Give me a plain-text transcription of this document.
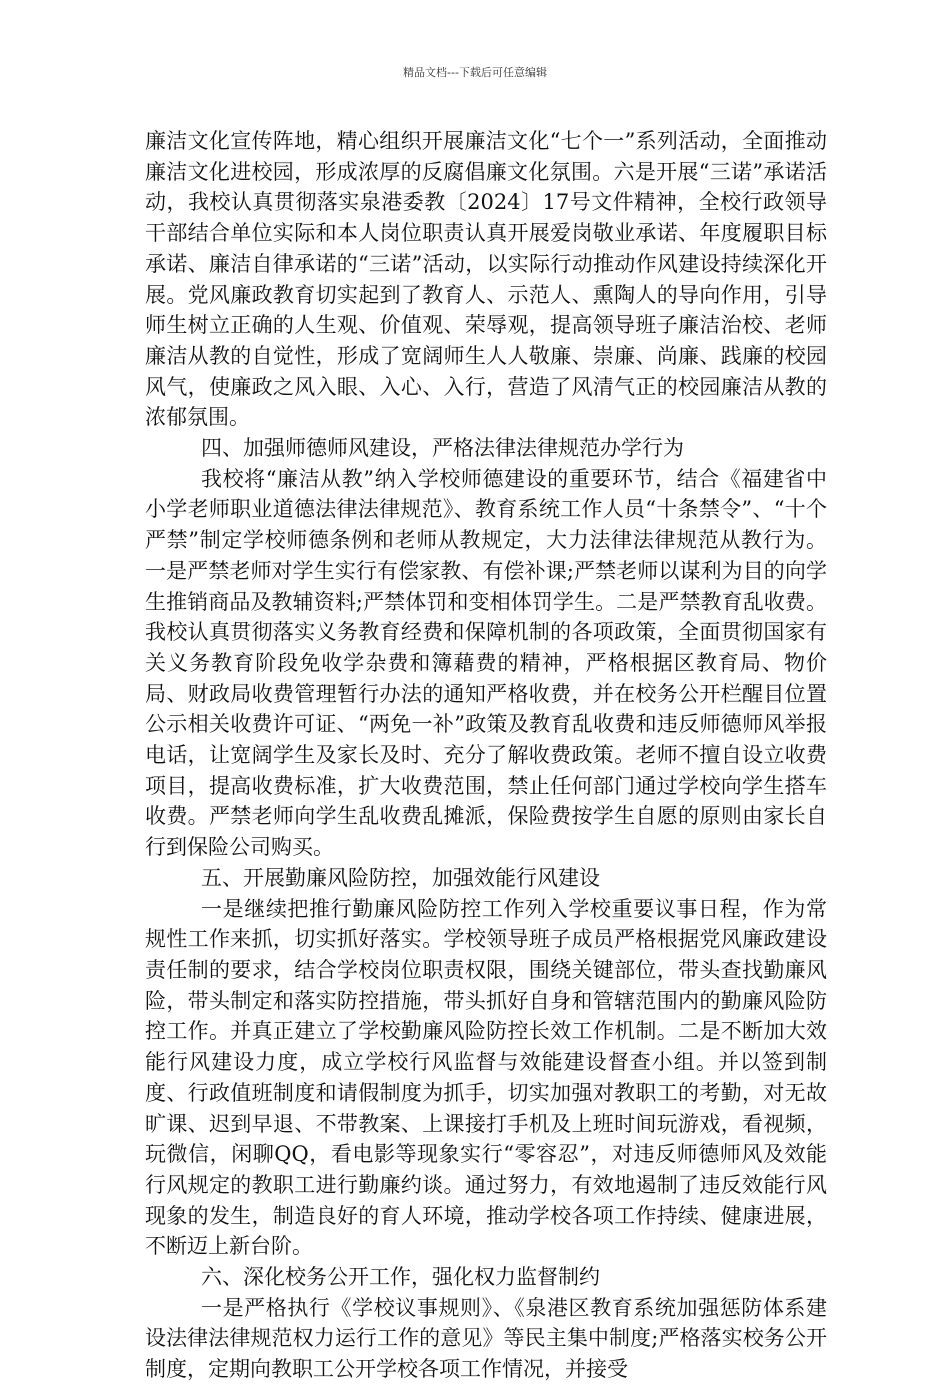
精品文档---下载后可任意编辑

廉洁文化宣传阵地，精心组织开展廉洁文化“七个一”系列活动，全面推动廉洁文化进校园，形成浓厚的反腐倡廉文化氛围。六是开展“三诺”承诺活动，我校认真贯彻落实泉港委教〔2024〕17号文件精神，全校行政领导干部结合单位实际和本人岗位职责认真开展爱岗敬业承诺、年度履职目标承诺、廉洁自律承诺的“三诺”活动，以实际行动推动作风建设持续深化开展。党风廉政教育切实起到了教育人、示范人、熏陶人的导向作用，引导师生树立正确的人生观、价值观、荣辱观，提高领导班子廉洁治校、老师廉洁从教的自觉性，形成了宽阔师生人人敬廉、崇廉、尚廉、践廉的校园风气，使廉政之风入眼、入心、入行，营造了风清气正的校园廉洁从教的浓郁氛围。

四、加强师德师风建设，严格法律法律规范办学行为

我校将“廉洁从教”纳入学校师德建设的重要环节，结合《福建省中小学老师职业道德法律法律规范》、教育系统工作人员“十条禁令”、“十个严禁”制定学校师德条例和老师从教规定，大力法律法律规范从教行为。一是严禁老师对学生实行有偿家教、有偿补课;严禁老师以谋利为目的向学生推销商品及教辅资料;严禁体罚和变相体罚学生。二是严禁教育乱收费。我校认真贯彻落实义务教育经费和保障机制的各项政策，全面贯彻国家有关义务教育阶段免收学杂费和簿藉费的精神，严格根据区教育局、物价局、财政局收费管理暂行办法的通知严格收费，并在校务公开栏醒目位置公示相关收费许可证、“两免一补”政策及教育乱收费和违反师德师风举报电话，让宽阔学生及家长及时、充分了解收费政策。老师不擅自设立收费项目，提高收费标准，扩大收费范围，禁止任何部门通过学校向学生搭车收费。严禁老师向学生乱收费乱摊派，保险费按学生自愿的原则由家长自行到保险公司购买。

五、开展勤廉风险防控，加强效能行风建设

一是继续把推行勤廉风险防控工作列入学校重要议事日程，作为常规性工作来抓，切实抓好落实。学校领导班子成员严格根据党风廉政建设责任制的要求，结合学校岗位职责权限，围绕关键部位，带头查找勤廉风险，带头制定和落实防控措施，带头抓好自身和管辖范围内的勤廉风险防控工作。并真正建立了学校勤廉风险防控长效工作机制。二是不断加大效能行风建设力度，成立学校行风监督与效能建设督查小组。并以签到制度、行政值班制度和请假制度为抓手，切实加强对教职工的考勤，对无故旷课、迟到早退、不带教案、上课接打手机及上班时间玩游戏，看视频，玩微信，闲聊QQ，看电影等现象实行“零容忍”，对违反师德师风及效能行风规定的教职工进行勤廉约谈。通过努力，有效地遏制了违反效能行风现象的发生，制造良好的育人环境，推动学校各项工作持续、健康进展，不断迈上新台阶。

六、深化校务公开工作，强化权力监督制约

一是严格执行《学校议事规则》、《泉港区教育系统加强惩防体系建设法律法律规范权力运行工作的意见》等民主集中制度;严格落实校务公开制度，定期向教职工公开学校各项工作情况，并接受
